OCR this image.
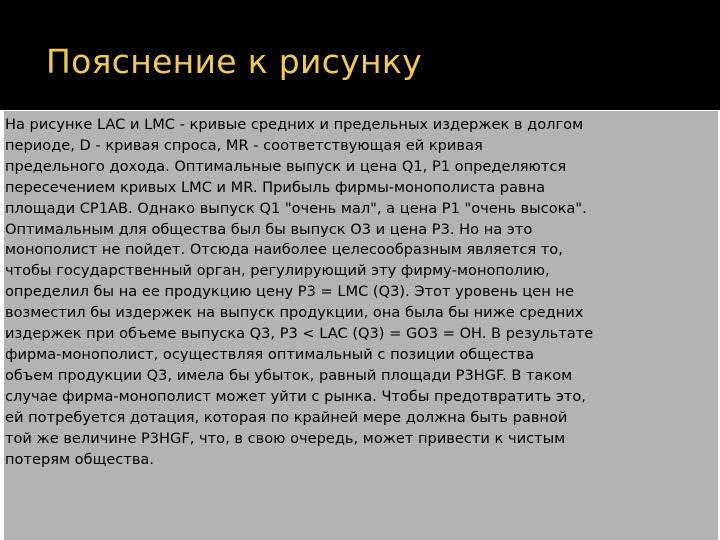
Пояснение к рисунку

На рисунке LAC и LMC - кривые средних и предельных издержек в долгом
периоде, D - кривая спроса, MR - соответствующая ей кривая
предельного дохода. Оптимальные выпуск и цена Q1, P1 определяются
пересечением кривых LMC и MR. Прибыль фирмы-монополиста равна
площади CP1AB. Однако выпуск Q1 "очень мал", а цена P1 "очень высока".
Оптимальным для общества был бы выпуск O3 и цена P3. Но на это
монополист не пойдет. Отсюда наиболее целесообразным является то,
чтобы государственный орган, регулирующий эту фирму-монополию,
определил бы на ее продукцию цену P3 = LMC (Q3). Этот уровень цен не
возместил бы издержек на выпуск продукции, она была бы ниже средних
издержек при объеме выпуска Q3, P3 < LAC (Q3) = GO3 = OH. В результате
фирма-монополист, осуществляя оптимальный с позиции общества
объем продукции Q3, имела бы убыток, равный площади P3HGF. В таком
случае фирма-монополист может уйти с рынка. Чтобы предотвратить это,
ей потребуется дотация, которая по крайней мере должна быть равной
той же величине P3HGF, что, в свою очередь, может привести к чистым
потерям общества.
